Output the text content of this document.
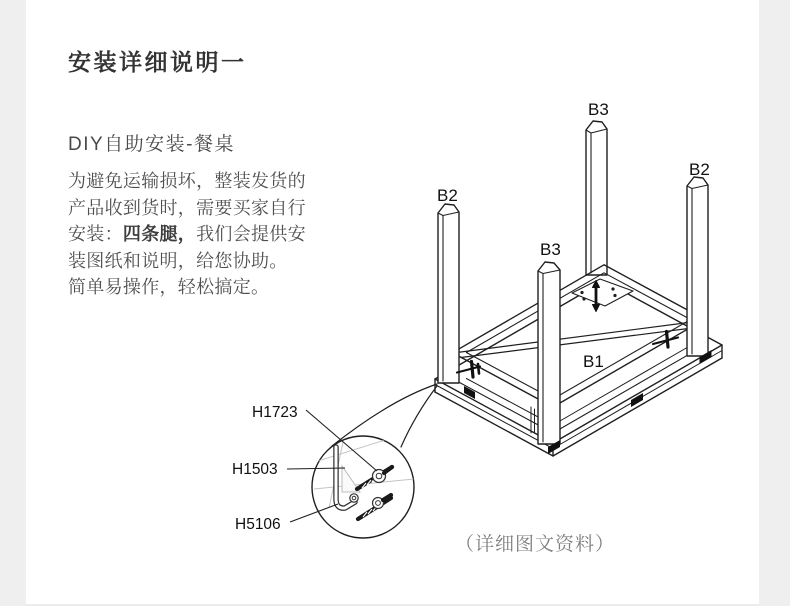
安装详细说明一
DIY自助安装-餐桌
为避免运输损坏，整装发货的
产品收到货时，需要买家自行
安装：四条腿，我们会提供安
装图纸和说明，给您协助。
简单易操作，轻松搞定。
B3
B2
B2
B3
B1
H1723
H1503
H5106
（详细图文资料）
